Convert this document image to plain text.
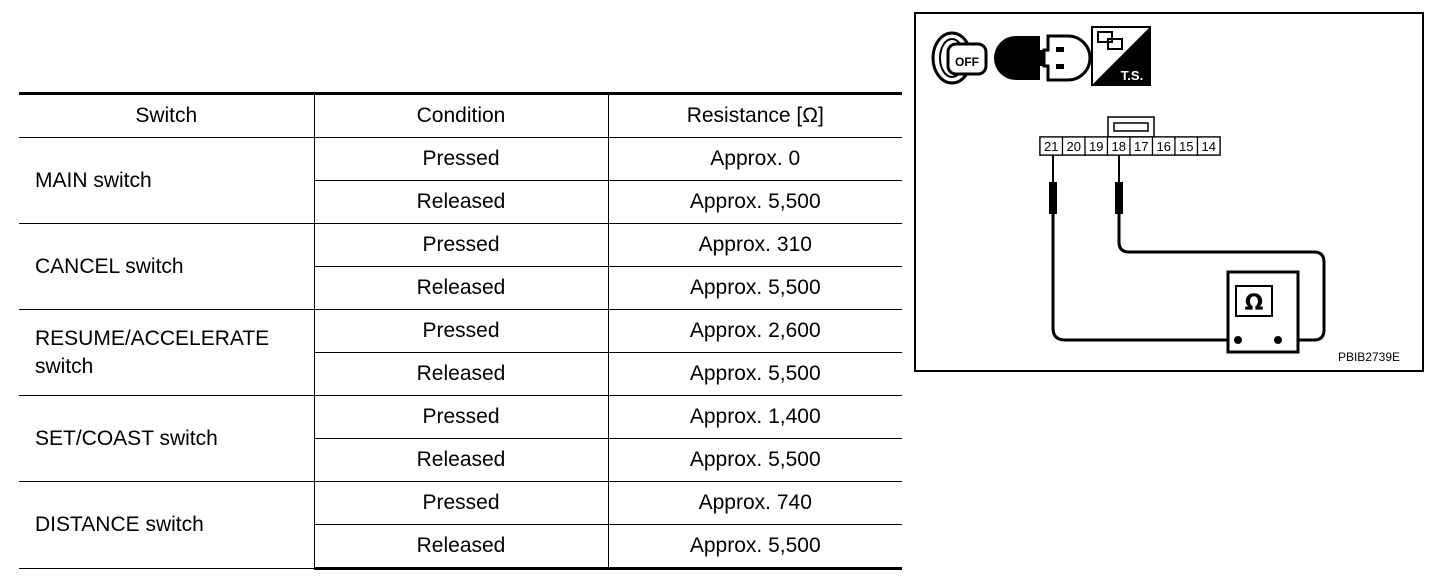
Switch	Condition	Resistance [Ω]
MAIN switch	Pressed	Approx. 0
	Released	Approx. 5,500
CANCEL switch	Pressed	Approx. 310
	Released	Approx. 5,500
RESUME/ACCELERATE
switch	Pressed	Approx. 2,600
	Released	Approx. 5,500
SET/COAST switch	Pressed	Approx. 1,400
	Released	Approx. 5,500
DISTANCE switch	Pressed	Approx. 740
	Released	Approx. 5,500
OFF
T.S.
21 20 19 18 17 16 15 14
Ω
PBIB2739E
